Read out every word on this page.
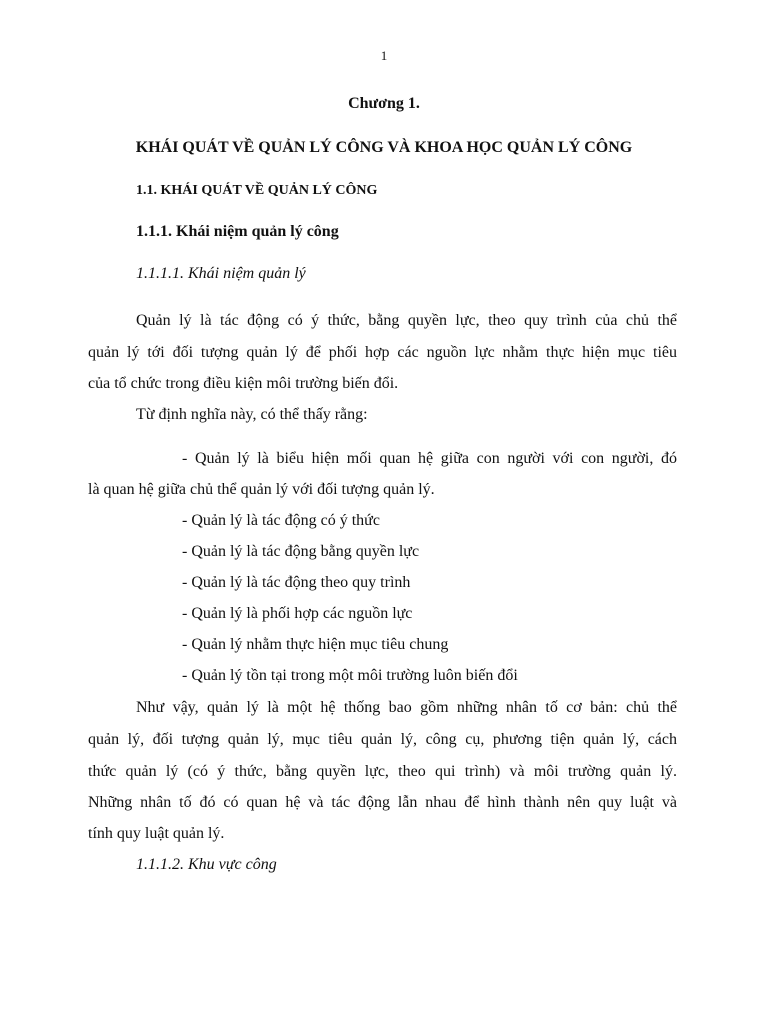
1
Chương 1.
KHÁI QUÁT VỀ QUẢN LÝ CÔNG VÀ KHOA HỌC QUẢN LÝ CÔNG
1.1. KHÁI QUÁT VỀ QUẢN LÝ CÔNG
1.1.1. Khái niệm quản lý công
1.1.1.1. Khái niệm quản lý
Quản lý là tác động có ý thức, bằng quyền lực, theo quy trình của chủ thể
quản lý tới đối tượng quản lý để phối hợp các nguồn lực nhằm thực hiện mục tiêu
của tổ chức trong điều kiện môi trường biến đổi.
Từ định nghĩa này, có thể thấy rằng:
- Quản lý là biểu hiện mối quan hệ giữa con người với con người, đó
là quan hệ giữa chủ thể quản lý với đối tượng quản lý.
- Quản lý là tác động có ý thức
- Quản lý là tác động bằng quyền lực
- Quản lý là tác động theo quy trình
- Quản lý là phối hợp các nguồn lực
- Quản lý nhằm thực hiện mục tiêu chung
- Quản lý tồn tại trong một môi trường luôn biến đổi
Như vậy, quản lý là một hệ thống bao gồm những nhân tố cơ bản: chủ thể
quản lý, đối tượng quản lý, mục tiêu quản lý, công cụ, phương tiện quản lý, cách
thức quản lý (có ý thức, bằng quyền lực, theo qui trình) và môi trường quản lý.
Những nhân tố đó có quan hệ và tác động lẫn nhau để hình thành nên quy luật và
tính quy luật quản lý.
1.1.1.2. Khu vực công
